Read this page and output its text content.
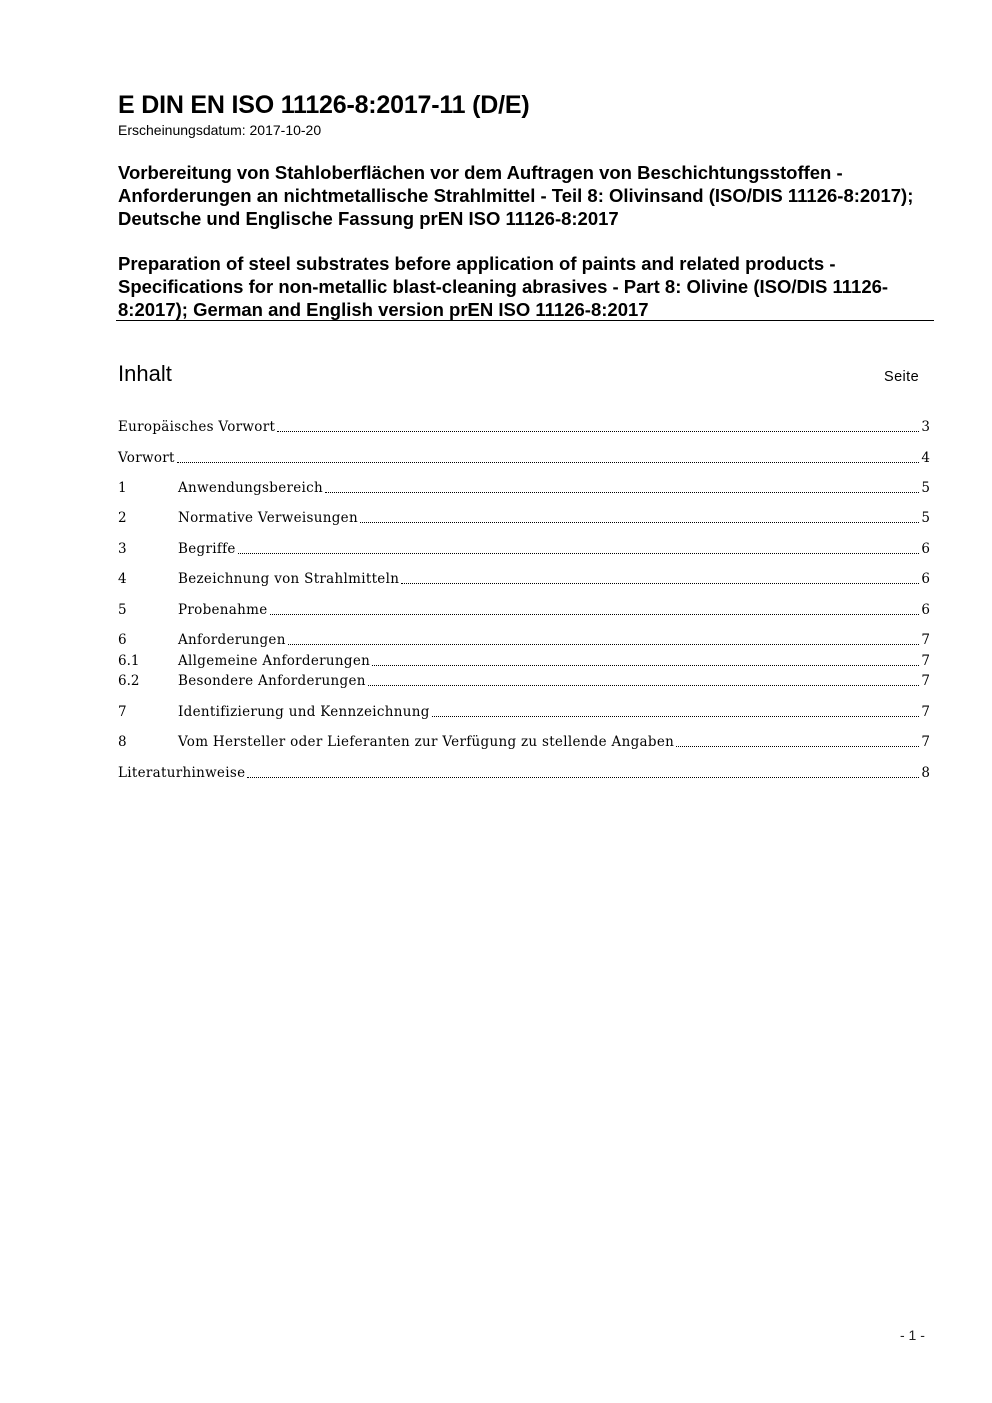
E DIN EN ISO 11126-8:2017-11 (D/E)
Erscheinungsdatum: 2017-10-20
Vorbereitung von Stahloberflächen vor dem Auftragen von Beschichtungsstoffen - Anforderungen an nichtmetallische Strahlmittel - Teil 8: Olivinsand (ISO/DIS 11126-8:2017); Deutsche und Englische Fassung prEN ISO 11126-8:2017
Preparation of steel substrates before application of paints and related products - Specifications for non-metallic blast-cleaning abrasives - Part 8: Olivine (ISO/DIS 11126-8:2017); German and English version prEN ISO 11126-8:2017
Inhalt	Seite
Europäisches Vorwort	3
Vorwort	4
1	Anwendungsbereich	5
2	Normative Verweisungen	5
3	Begriffe	6
4	Bezeichnung von Strahlmitteln	6
5	Probenahme	6
6	Anforderungen	7
6.1	Allgemeine Anforderungen	7
6.2	Besondere Anforderungen	7
7	Identifizierung und Kennzeichnung	7
8	Vom Hersteller oder Lieferanten zur Verfügung zu stellende Angaben	7
Literaturhinweise	8
- 1 -
